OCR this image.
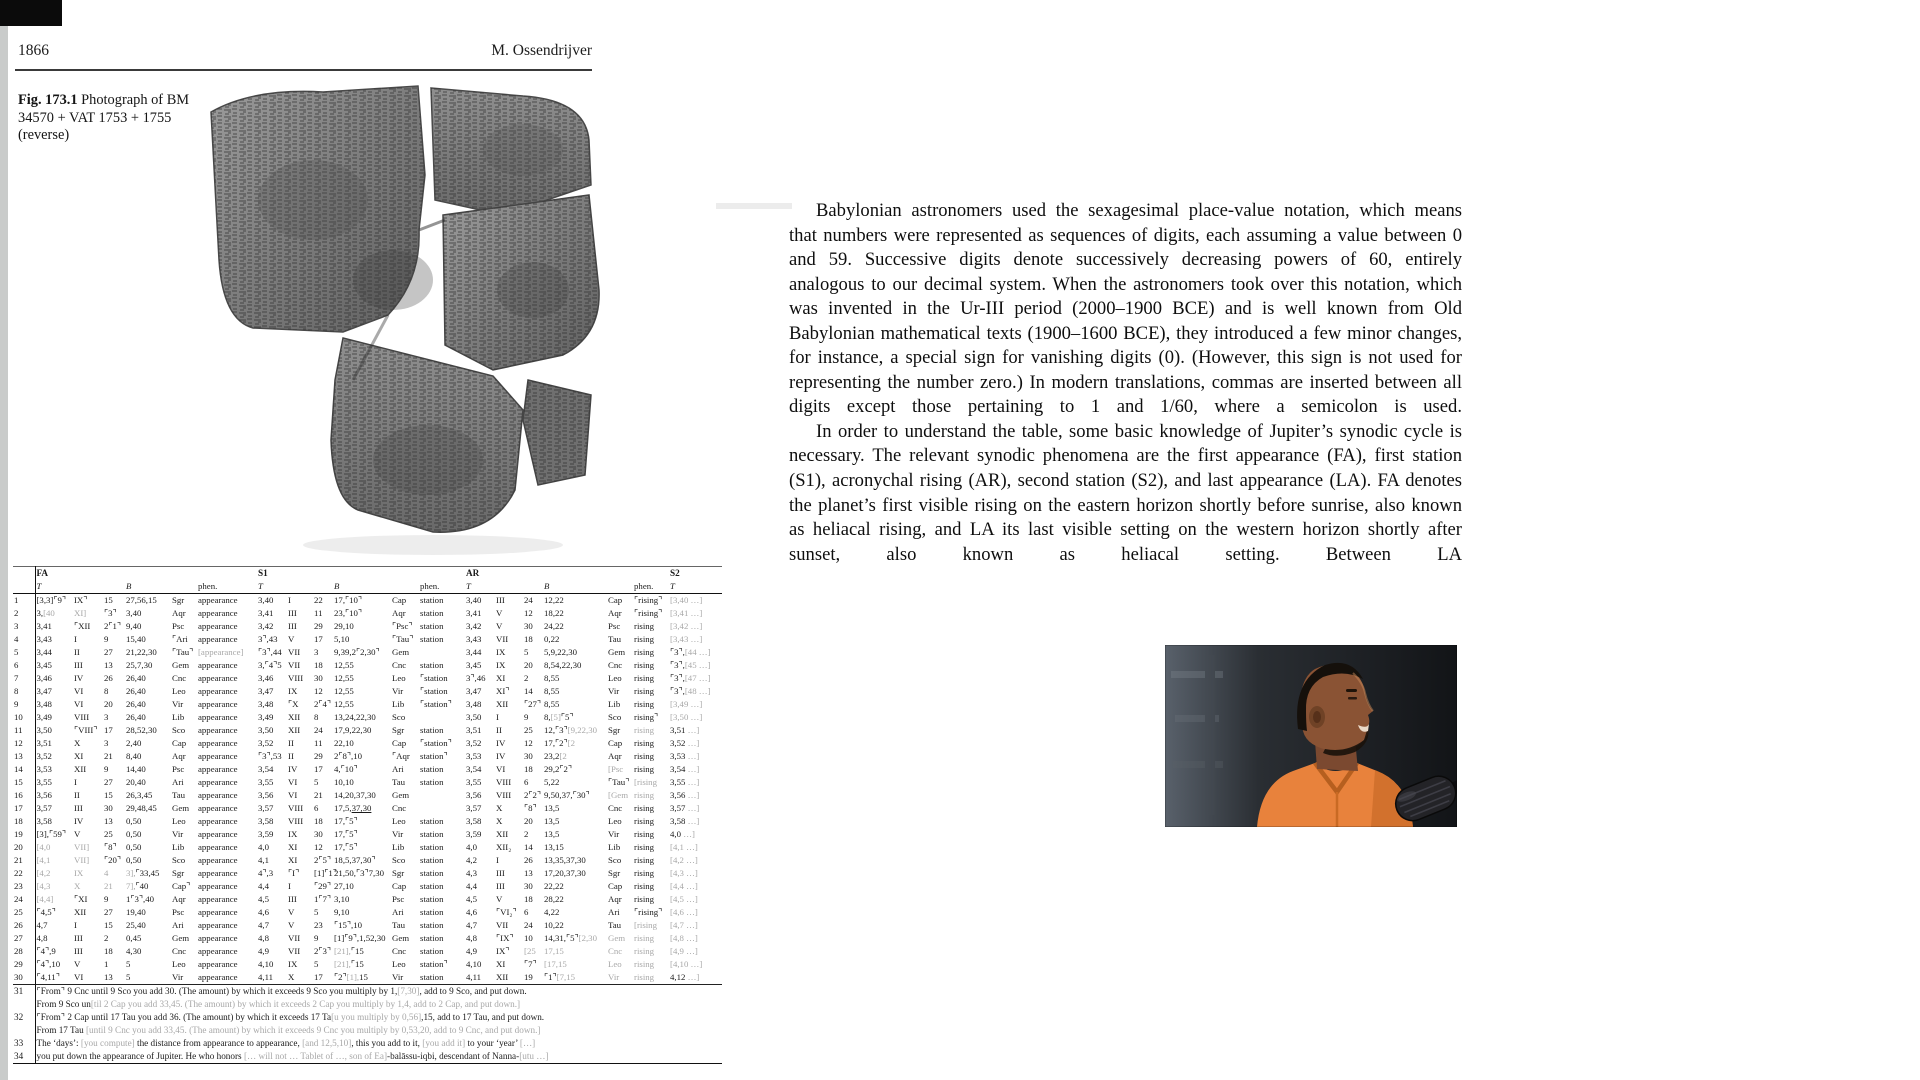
1866	M. Ossendrijver
Fig. 173.1 Photograph of BM 34570 + VAT 1753 + 1755 (reverse)
	FA						S1						AR						S2
	T			B		phen.	T			B		phen.	T			B		phen.	T
1	[3,3]⌜9⌝	IX⌝	15	27,56,15	Sgr	appearance	3,40	I	22	17,⌜10⌝	Cap	station	3,40	III	24	12,22	Cap	⌜rising⌝	[3,40 …]
2	3,[40	XI]	⌜3⌝	3,40	Aqr	appearance	3,41	III	11	23,⌜10⌝	Aqr	station	3,41	V	12	18,22	Aqr	⌜rising⌝	[3,41 …]
3	3,41	⌜XII	2⌜1⌝	9,40	Psc	appearance	3,42	III	29	29,10	⌜Psc⌝	station	3,42	V	30	24,22	Psc	rising	[3,42 …]
4	3,43	I	9	15,40	⌜Ari	appearance	3⌝,43	V	17	5,10	⌜Tau⌝	station	3,43	VII	18	0,22	Tau	rising	[3,43 …]
5	3,44	II	27	21,22,30	⌜Tau⌝	[appearance]	⌜3⌝,44	VII	3	9,39,2⌜2,30⌝	Gem		3,44	IX	5	5,9,22,30	Gem	rising	⌜3⌝,[44 …]
6	3,45	III	13	25,7,30	Gem	appearance	3,⌜4⌝5	VII	18	12,55	Cnc	station	3,45	IX	20	8,54,22,30	Cnc	rising	⌜3⌝,[45 …]
7	3,46	IV	26	26,40	Cnc	appearance	3,46	VIII	30	12,55	Leo	⌜station	3⌝,46	XI	2	8,55	Leo	rising	⌜3⌝,[47 …]
8	3,47	VI	8	26,40	Leo	appearance	3,47	IX	12	12,55	Vir	⌜station	3,47	XI⌝	14	8,55	Vir	rising	⌜3⌝,[48 …]
9	3,48	VI	20	26,40	Vir	appearance	3,48	⌜X	2⌜4⌝	12,55	Lib	⌜station⌝	3,48	XII	⌜27⌝	8,55	Lib	rising	[3,49 …]
10	3,49	VIII	3	26,40	Lib	appearance	3,49	XII	8	13,24,22,30	Sco		3,50	I	9	8,[5]⌜5⌝	Sco	rising⌝	[3,50 …]
11	3,50	⌜VIII⌝	17	28,52,30	Sco	appearance	3,50	XII	24	17,9,22,30	Sgr	station	3,51	II	25	12,⌜3⌝[9,22,30	Sgr	rising	3,51 …]
12	3,51	X	3	2,40	Cap	appearance	3,52	II	11	22,10	Cap	⌜station⌝	3,52	IV	12	17,⌜2⌝[2	Cap	rising	3,52 …]
13	3,52	XI	21	8,40	Aqr	appearance	⌜3⌝,53	II	29	2⌜8⌝,10	⌜Aqr	station⌝	3,53	IV	30	23,2[2	Aqr	rising	3,53 …]
14	3,53	XII	9	14,40	Psc	appearance	3,54	IV	17	4,⌜10⌝	Ari	station	3,54	VI	18	29,2⌜2⌝	[Psc	rising	3,54 …]
15	3,55	I	27	20,40	Ari	appearance	3,55	VI	5	10,10	Tau	station	3,55	VIII	6	5,22	⌜Tau⌝	[rising	3,55 …]
16	3,56	II	15	26,3,45	Tau	appearance	3,56	VI	21	14,20,37,30	Gem		3,56	VIII	2⌜2⌝	9,50,37,⌜30⌝	[Gem	rising	3,56 …]
17	3,57	III	30	29,48,45	Gem	appearance	3,57	VIII	6	17,5,37,30	Cnc		3,57	X	⌜8⌝	13,5	Cnc	rising	3,57 …]
18	3,58	IV	13	0,50	Leo	appearance	3,58	VIII	18	17,⌜5⌝	Leo	station	3,58	X	20	13,5	Leo	rising	3,58 …]
19	[3],⌜59⌝	V	25	0,50	Vir	appearance	3,59	IX	30	17,⌜5⌝	Vir	station	3,59	XII	2	13,5	Vir	rising	4,0 …]
20	[4,0	VII]	⌜8⌝	0,50	Lib	appearance	4,0	XI	12	17,⌜5⌝	Lib	station	4,0	XII₂	14	13,15	Lib	rising	[4,1 …]
21	[4,1	VII]	⌜20⌝	0,50	Sco	appearance	4,1	XI	2⌜5⌝	18,5,37,30⌝	Sco	station	4,2	I	26	13,35,37,30	Sco	rising	[4,2 …]
22	[4,2	IX	4	3],⌜33,45	Sgr	appearance	4⌝,3	⌜I⌝	[1]⌜1⌝	21,50,⌜3⌝7,30	Sgr	station	4,3	III	13	17,20,37,30	Sgr	rising	[4,3 …]
23	[4,3	X	21	7],⌜40	Cap⌝	appearance	4,4	I	⌜29⌝	27,10	Cap	station	4,4	III	30	22,22	Cap	rising	[4,4 …]
24	[4,4]	⌜XI	9	1⌜3⌝,40	Aqr	appearance	4,5	III	1⌜7⌝	3,10	Psc	station	4,5	V	18	28,22	Aqr	rising	[4,5 …]
25	⌜4,5⌝	XII	27	19,40	Psc	appearance	4,6	V	5	9,10	Ari	station	4,6	⌜VI₂⌝	6	4,22	Ari	⌜rising⌝	[4,6 …]
26	4,7	I	15	25,40	Ari	appearance	4,7	V	23	⌜15⌝,10	Tau	station	4,7	VII	24	10,22	Tau	[rising	[4,7 …]
27	4,8	III	2	0,45	Gem	appearance	4,8	VII	9	[1]⌜9⌝,1,52,30	Gem	station	4,8	⌜IX⌝	10	14,31,⌜5⌝[2,30	Gem	rising	[4,8 …]
28	⌜4⌝,9	III	18	4,30	Cnc	appearance	4,9	VII	2⌜3⌝	[21],⌜15	Cnc	station	4,9	IX⌝	[25	17,15	Cnc	rising	[4,9 …]
29	⌜4⌝,10	V	1	5	Leo	appearance	4,10	IX	5	[21],⌜15	Leo	station⌝	4,10	XI	⌜7⌝	[17,15	Leo	rising	[4,10 …]
30	⌜4,11⌝	VI	13	5	Vir	appearance	4,11	X	17	⌜2⌝[1],15	Vir	station	4,11	XII	19	⌜1⌝[7,15	Vir	rising	4,12 …]
31	⌜From⌝ 9 Cnc until 9 Sco you add 30. (The amount) by which it exceeds 9 Sco you multiply by 1,[7,30], add to 9 Sco, and put down.																		
	From 9 Sco un[til 2 Cap you add 33,45. (The amount) by which it exceeds 2 Cap you multiply by 1,4, add to 2 Cap, and put down.]																		
32	⌜From⌝ 2 Cap until 17 Tau you add 36. (The amount) by which it exceeds 17 Ta[u you multiply by 0,56],15, add to 17 Tau, and put down.																		
	From 17 Tau [until 9 Cnc you add 33,45. (The amount) by which it exceeds 9 Cnc you multiply by 0,53,20, add to 9 Cnc, and put down.]																		
33	The ‘days’: [you compute] the distance from appearance to appearance, [and 12,5,10], this you add to it, [you add it] to your ‘year’ […]																		
34	you put down the appearance of Jupiter. He who honors [… will not … Tablet of …, son of Ea]-balāssu-iqbi, descendant of Nanna-[utu …]																		

Babylonian astronomers used the sexagesimal place-value notation, which means that numbers were represented as sequences of digits, each assuming a value between 0 and 59. Successive digits denote successively decreasing powers of 60, entirely analogous to our decimal system. When the astronomers took over this notation, which was invented in the Ur-III period (2000–1900 BCE) and is well known from Old Babylonian mathematical texts (1900–1600 BCE), they introduced a few minor changes, for instance, a special sign for vanishing digits (0). (However, this sign is not used for representing the number zero.) In modern translations, commas are inserted between all digits except those pertaining to 1 and 1/60, where a semicolon is used.

In order to understand the table, some basic knowledge of Jupiter’s synodic cycle is necessary. The relevant synodic phenomena are the first appearance (FA), first station (S1), acronychal rising (AR), second station (S2), and last appearance (LA). FA denotes the planet’s first visible rising on the eastern horizon shortly before sunrise, also known as heliacal rising, and LA its last visible setting on the western horizon shortly after sunset, also known as heliacal setting. Between LA
